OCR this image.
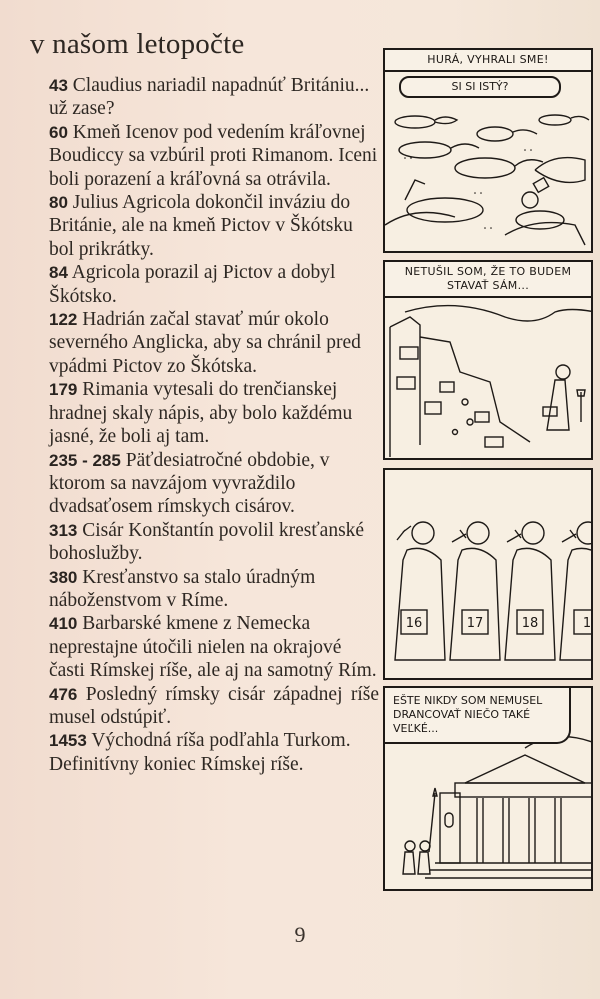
v našom letopočte

43 Claudius nariadil napadnúť Britániu... už zase?

60 Kmeň Icenov pod vedením kráľovnej Boudiccy sa vzbúril proti Rimanom. Iceni boli porazení a kráľovná sa otrávila.

80 Julius Agricola dokončil inváziu do Británie, ale na kmeň Pictov v Škótsku bol prikrátky.

84 Agricola porazil aj Pictov a dobyl Škótsko.

122 Hadrián začal stavať múr okolo severného Anglicka, aby sa chránil pred vpádmi Pictov zo Škótska.

179 Rimania vytesali do trenčianskej hradnej skaly nápis, aby bolo každému jasné, že boli aj tam.

235 - 285 Päťdesiatročné obdobie, v ktorom sa navzájom vyvraždilo dvadsaťosem rímskych cisárov.

313 Cisár Konštantín povolil kresťanské bohoslužby.

380 Kresťanstvo sa stalo úradným náboženstvom v Ríme.

410 Barbarské kmene z Nemecka neprestajne útočili nielen na okrajové časti Rímskej ríše, ale aj na samotný Rím.

476 Posledný rímsky cisár západnej ríše musel odstúpiť.

1453 Východná ríša podľahla Turkom. Definitívny koniec Rímskej ríše.

HURÁ, VYHRALI SME!
SI SI ISTÝ?
NETUŠIL SOM, ŽE TO BUDEM STAVAŤ SÁM...
16	17	18	1
EŠTE NIKDY SOM NEMUSEL DRANCOVAŤ NIEČO TAKÉ VEĽKÉ...
9
